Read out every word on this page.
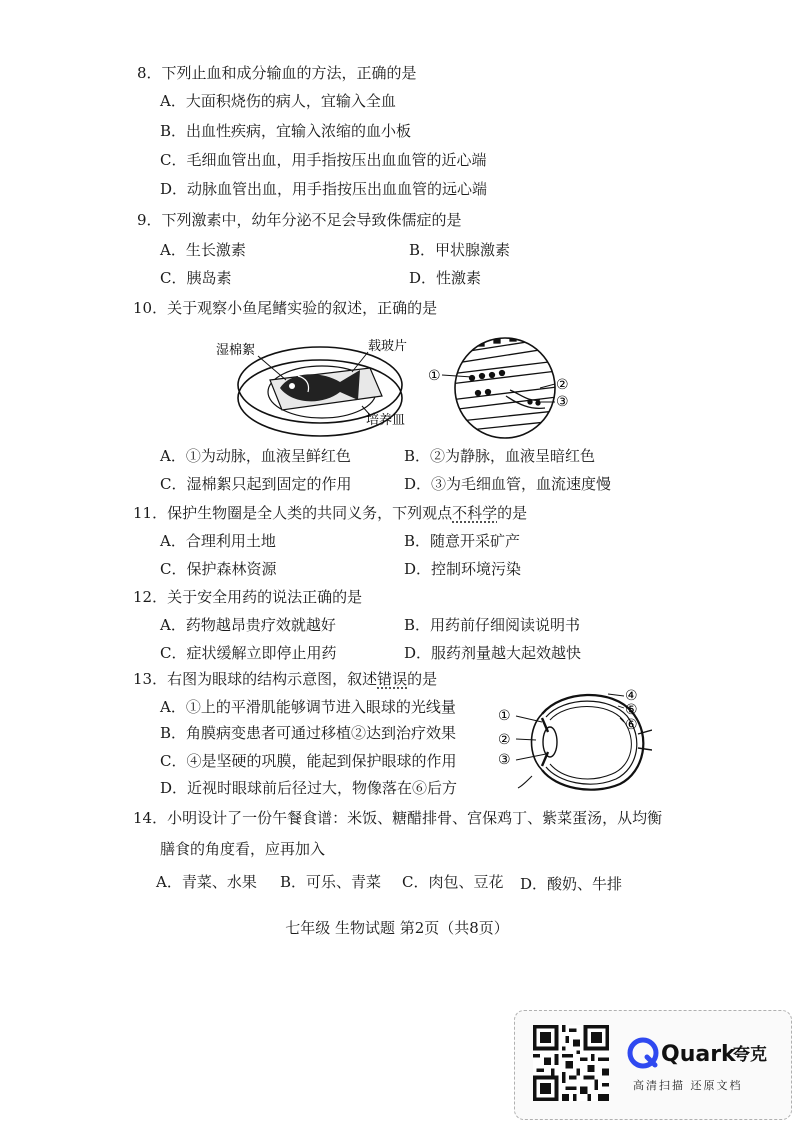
8．下列止血和成分输血的方法，正确的是
A．大面积烧伤的病人，宜输入全血
B．出血性疾病，宜输入浓缩的血小板
C．毛细血管出血，用手指按压出血血管的近心端
D．动脉血管出血，用手指按压出血血管的远心端
9．下列激素中，幼年分泌不足会导致侏儒症的是
A．生长激素	B．甲状腺激素
C．胰岛素	D．性激素
10．关于观察小鱼尾鳍实验的叙述，正确的是
湿棉絮	载玻片
培养皿
①
②
③
A．①为动脉，血液呈鲜红色	B．②为静脉，血液呈暗红色
C．湿棉絮只起到固定的作用	D．③为毛细血管，血流速度慢
11．保护生物圈是全人类的共同义务，下列观点不科学的是
A．合理利用土地	B．随意开采矿产
C．保护森林资源	D．控制环境污染
12．关于安全用药的说法正确的是
A．药物越昂贵疗效就越好	B．用药前仔细阅读说明书
C．症状缓解立即停止用药	D．服药剂量越大起效越快
13．右图为眼球的结构示意图，叙述错误的是
A．①上的平滑肌能够调节进入眼球的光线量
B．角膜病变患者可通过移植②达到治疗效果
C．④是坚硬的巩膜，能起到保护眼球的作用
D．近视时眼球前后径过大，物像落在⑥后方
①
②
③
④
⑤
⑥
14．小明设计了一份午餐食谱：米饭、糖醋排骨、宫保鸡丁、紫菜蛋汤，从均衡
膳食的角度看，应再加入
A．青菜、水果 B．可乐、青菜 C．肉包、豆花 D．酸奶、牛排
七年级 生物试题 第2页（共8页）
Quark
夸克
高清扫描 还原文档
